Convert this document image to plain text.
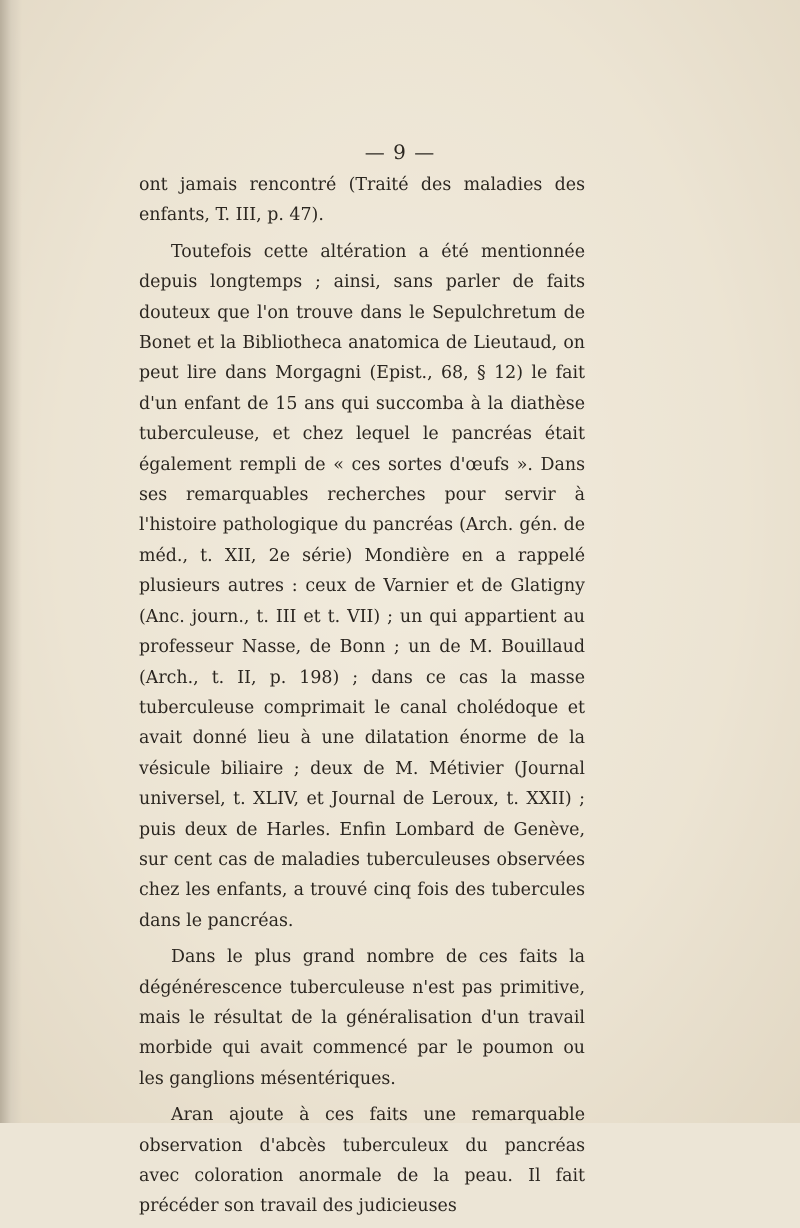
— 9 —

ont jamais rencontré (Traité des maladies des enfants, T. III, p. 47).

Toutefois cette altération a été mentionnée depuis longtemps ; ainsi, sans parler de faits douteux que l'on trouve dans le Sepulchretum de Bonet et la Bibliotheca anatomica de Lieutaud, on peut lire dans Morgagni (Epist., 68, § 12) le fait d'un enfant de 15 ans qui succomba à la diathèse tuberculeuse, et chez lequel le pancréas était également rempli de « ces sortes d'œufs ». Dans ses remarquables recherches pour servir à l'histoire pathologique du pancréas (Arch. gén. de méd., t. XII, 2e série) Mondière en a rappelé plusieurs autres : ceux de Varnier et de Glatigny (Anc. journ., t. III et t. VII) ; un qui appartient au professeur Nasse, de Bonn ; un de M. Bouillaud (Arch., t. II, p. 198) ; dans ce cas la masse tuberculeuse comprimait le canal cholédoque et avait donné lieu à une dilatation énorme de la vésicule biliaire ; deux de M. Métivier (Journal universel, t. XLIV, et Journal de Leroux, t. XXII) ; puis deux de Harles. Enfin Lombard de Genève, sur cent cas de maladies tuberculeuses observées chez les enfants, a trouvé cinq fois des tubercules dans le pancréas.

Dans le plus grand nombre de ces faits la dégénérescence tuberculeuse n'est pas primitive, mais le résultat de la généralisation d'un travail morbide qui avait commencé par le poumon ou les ganglions mésentériques.

Aran ajoute à ces faits une remarquable observation d'abcès tuberculeux du pancréas avec coloration anormale de la peau. Il fait précéder son travail des judicieuses
